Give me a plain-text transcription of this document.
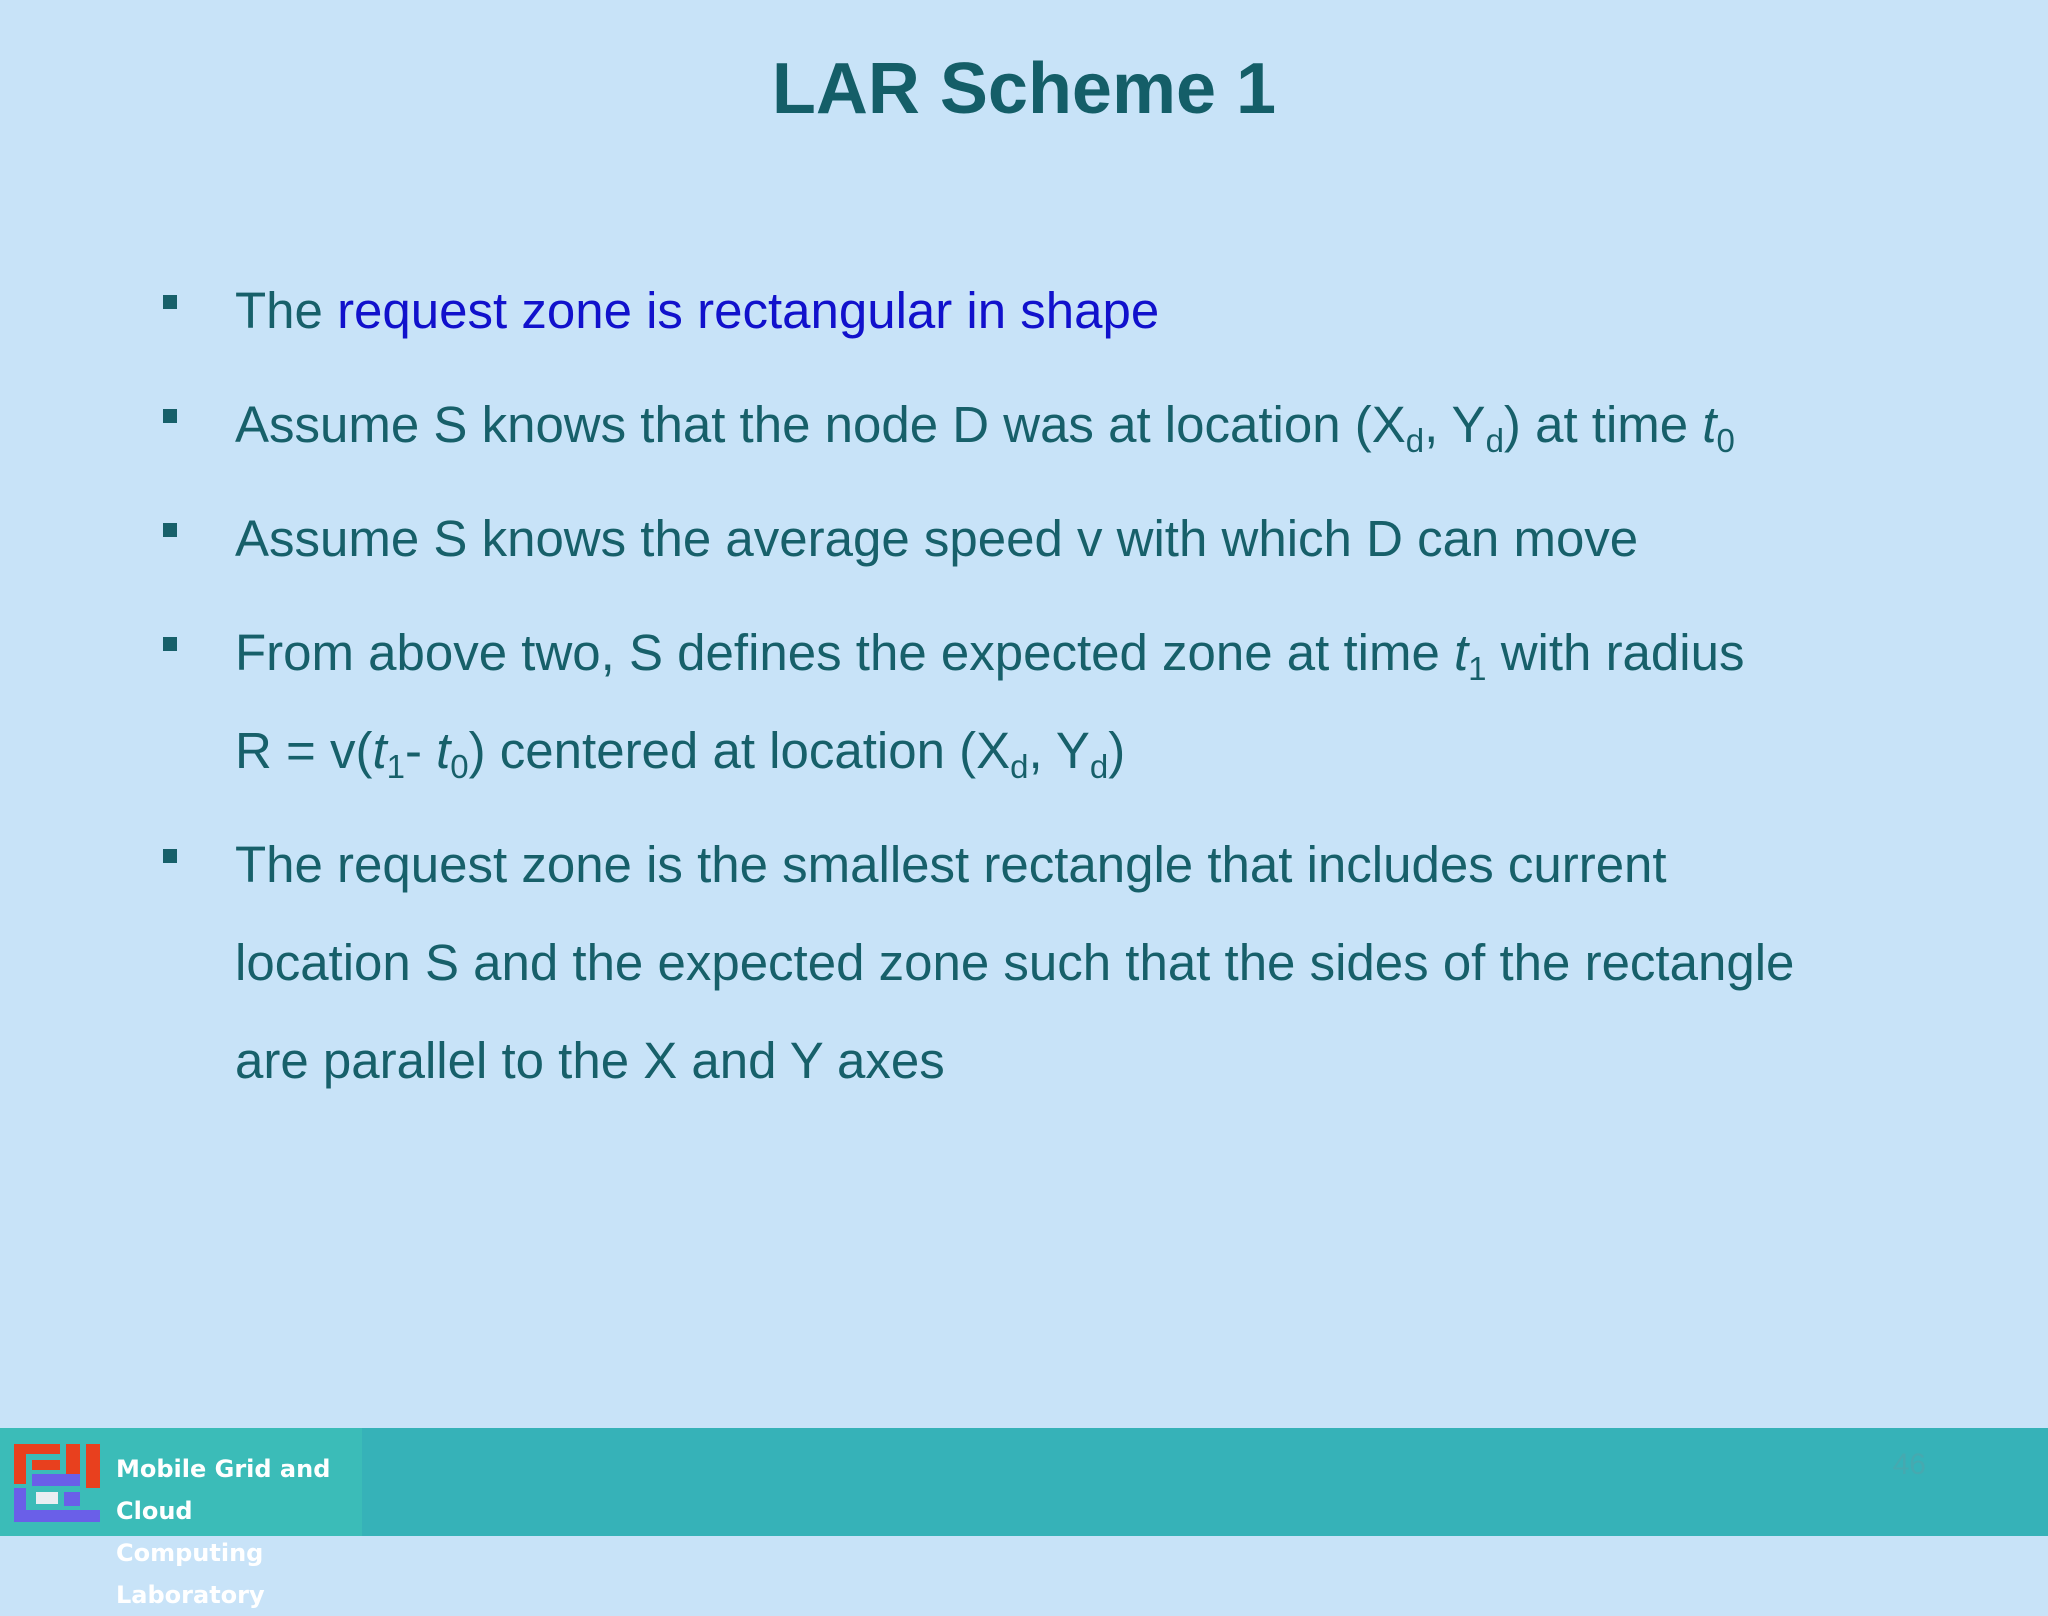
LAR Scheme 1
The request zone is rectangular in shape
Assume S knows that the node D was at location ($X_d$, $Y_d$) at time $t_0$
Assume S knows the average speed v with which D can move
From above two, S defines the expected zone at time $t_1$ with radius
$R = v(t_1-$ $t_0$) centered at location ($X_d$, $Y_d$)
The request zone is the smallest rectangle that includes current
location S and the expected zone such that the sides of the rectangle
are parallel to the X and Y axes
Mobile Grid and Cloud
Computing Laboratory
46
